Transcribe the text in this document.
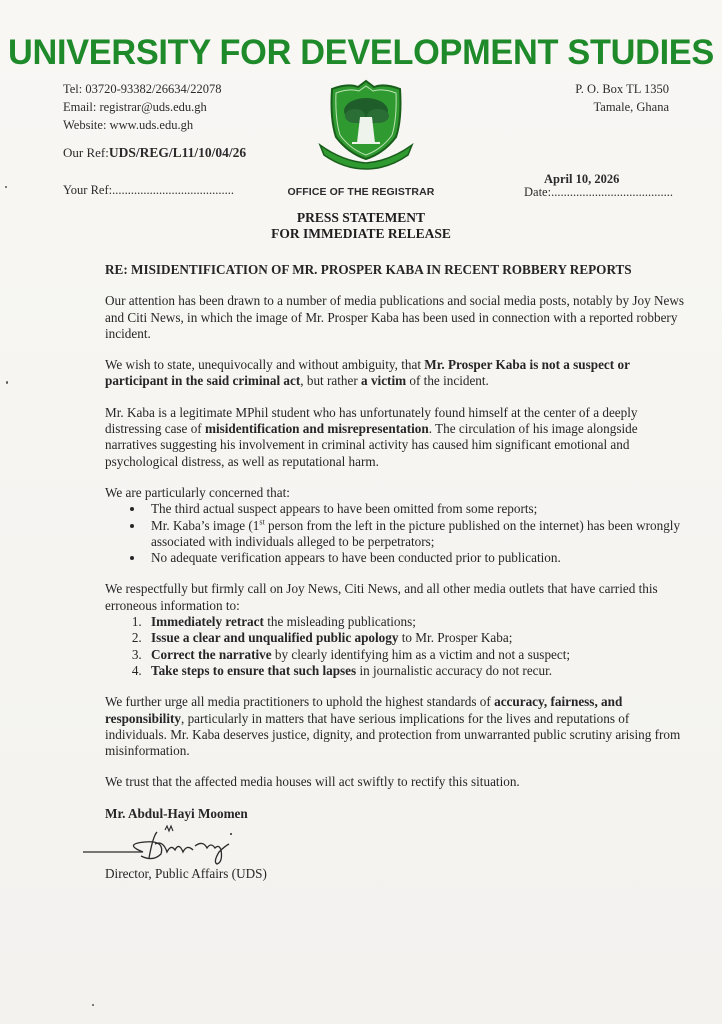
UNIVERSITY FOR DEVELOPMENT STUDIES
Tel: 03720-93382/26634/22078
Email: registrar@uds.edu.gh
Website: www.uds.edu.gh
P. O. Box TL 1350
Tamale, Ghana
Our Ref:UDS/REG/L11/10/04/26
Your Ref:.......................................	OFFICE OF THE REGISTRAR
April 10, 2026
Date:.......................................
PRESS STATEMENT
FOR IMMEDIATE RELEASE

RE: MISIDENTIFICATION OF MR. PROSPER KABA IN RECENT ROBBERY REPORTS

Our attention has been drawn to a number of media publications and social media posts, notably by Joy News and Citi News, in which the image of Mr. Prosper Kaba has been used in connection with a reported robbery incident.

We wish to state, unequivocally and without ambiguity, that Mr. Prosper Kaba is not a suspect or participant in the said criminal act, but rather a victim of the incident.

Mr. Kaba is a legitimate MPhil student who has unfortunately found himself at the center of a deeply distressing case of misidentification and misrepresentation. The circulation of his image alongside narratives suggesting his involvement in criminal activity has caused him significant emotional and psychological distress, as well as reputational harm.

We are particularly concerned that:

• The third actual suspect appears to have been omitted from some reports;
• Mr. Kaba’s image (1st person from the left in the picture published on the internet) has been wrongly associated with individuals alleged to be perpetrators;
• No adequate verification appears to have been conducted prior to publication.

We respectfully but firmly call on Joy News, Citi News, and all other media outlets that have carried this erroneous information to:

1. Immediately retract the misleading publications;
2. Issue a clear and unqualified public apology to Mr. Prosper Kaba;
3. Correct the narrative by clearly identifying him as a victim and not a suspect;
4. Take steps to ensure that such lapses in journalistic accuracy do not recur.

We further urge all media practitioners to uphold the highest standards of accuracy, fairness, and responsibility, particularly in matters that have serious implications for the lives and reputations of individuals. Mr. Kaba deserves justice, dignity, and protection from unwarranted public scrutiny arising from misinformation.

We trust that the affected media houses will act swiftly to rectify this situation.

Mr. Abdul-Hayi Moomen
Director, Public Affairs (UDS)
